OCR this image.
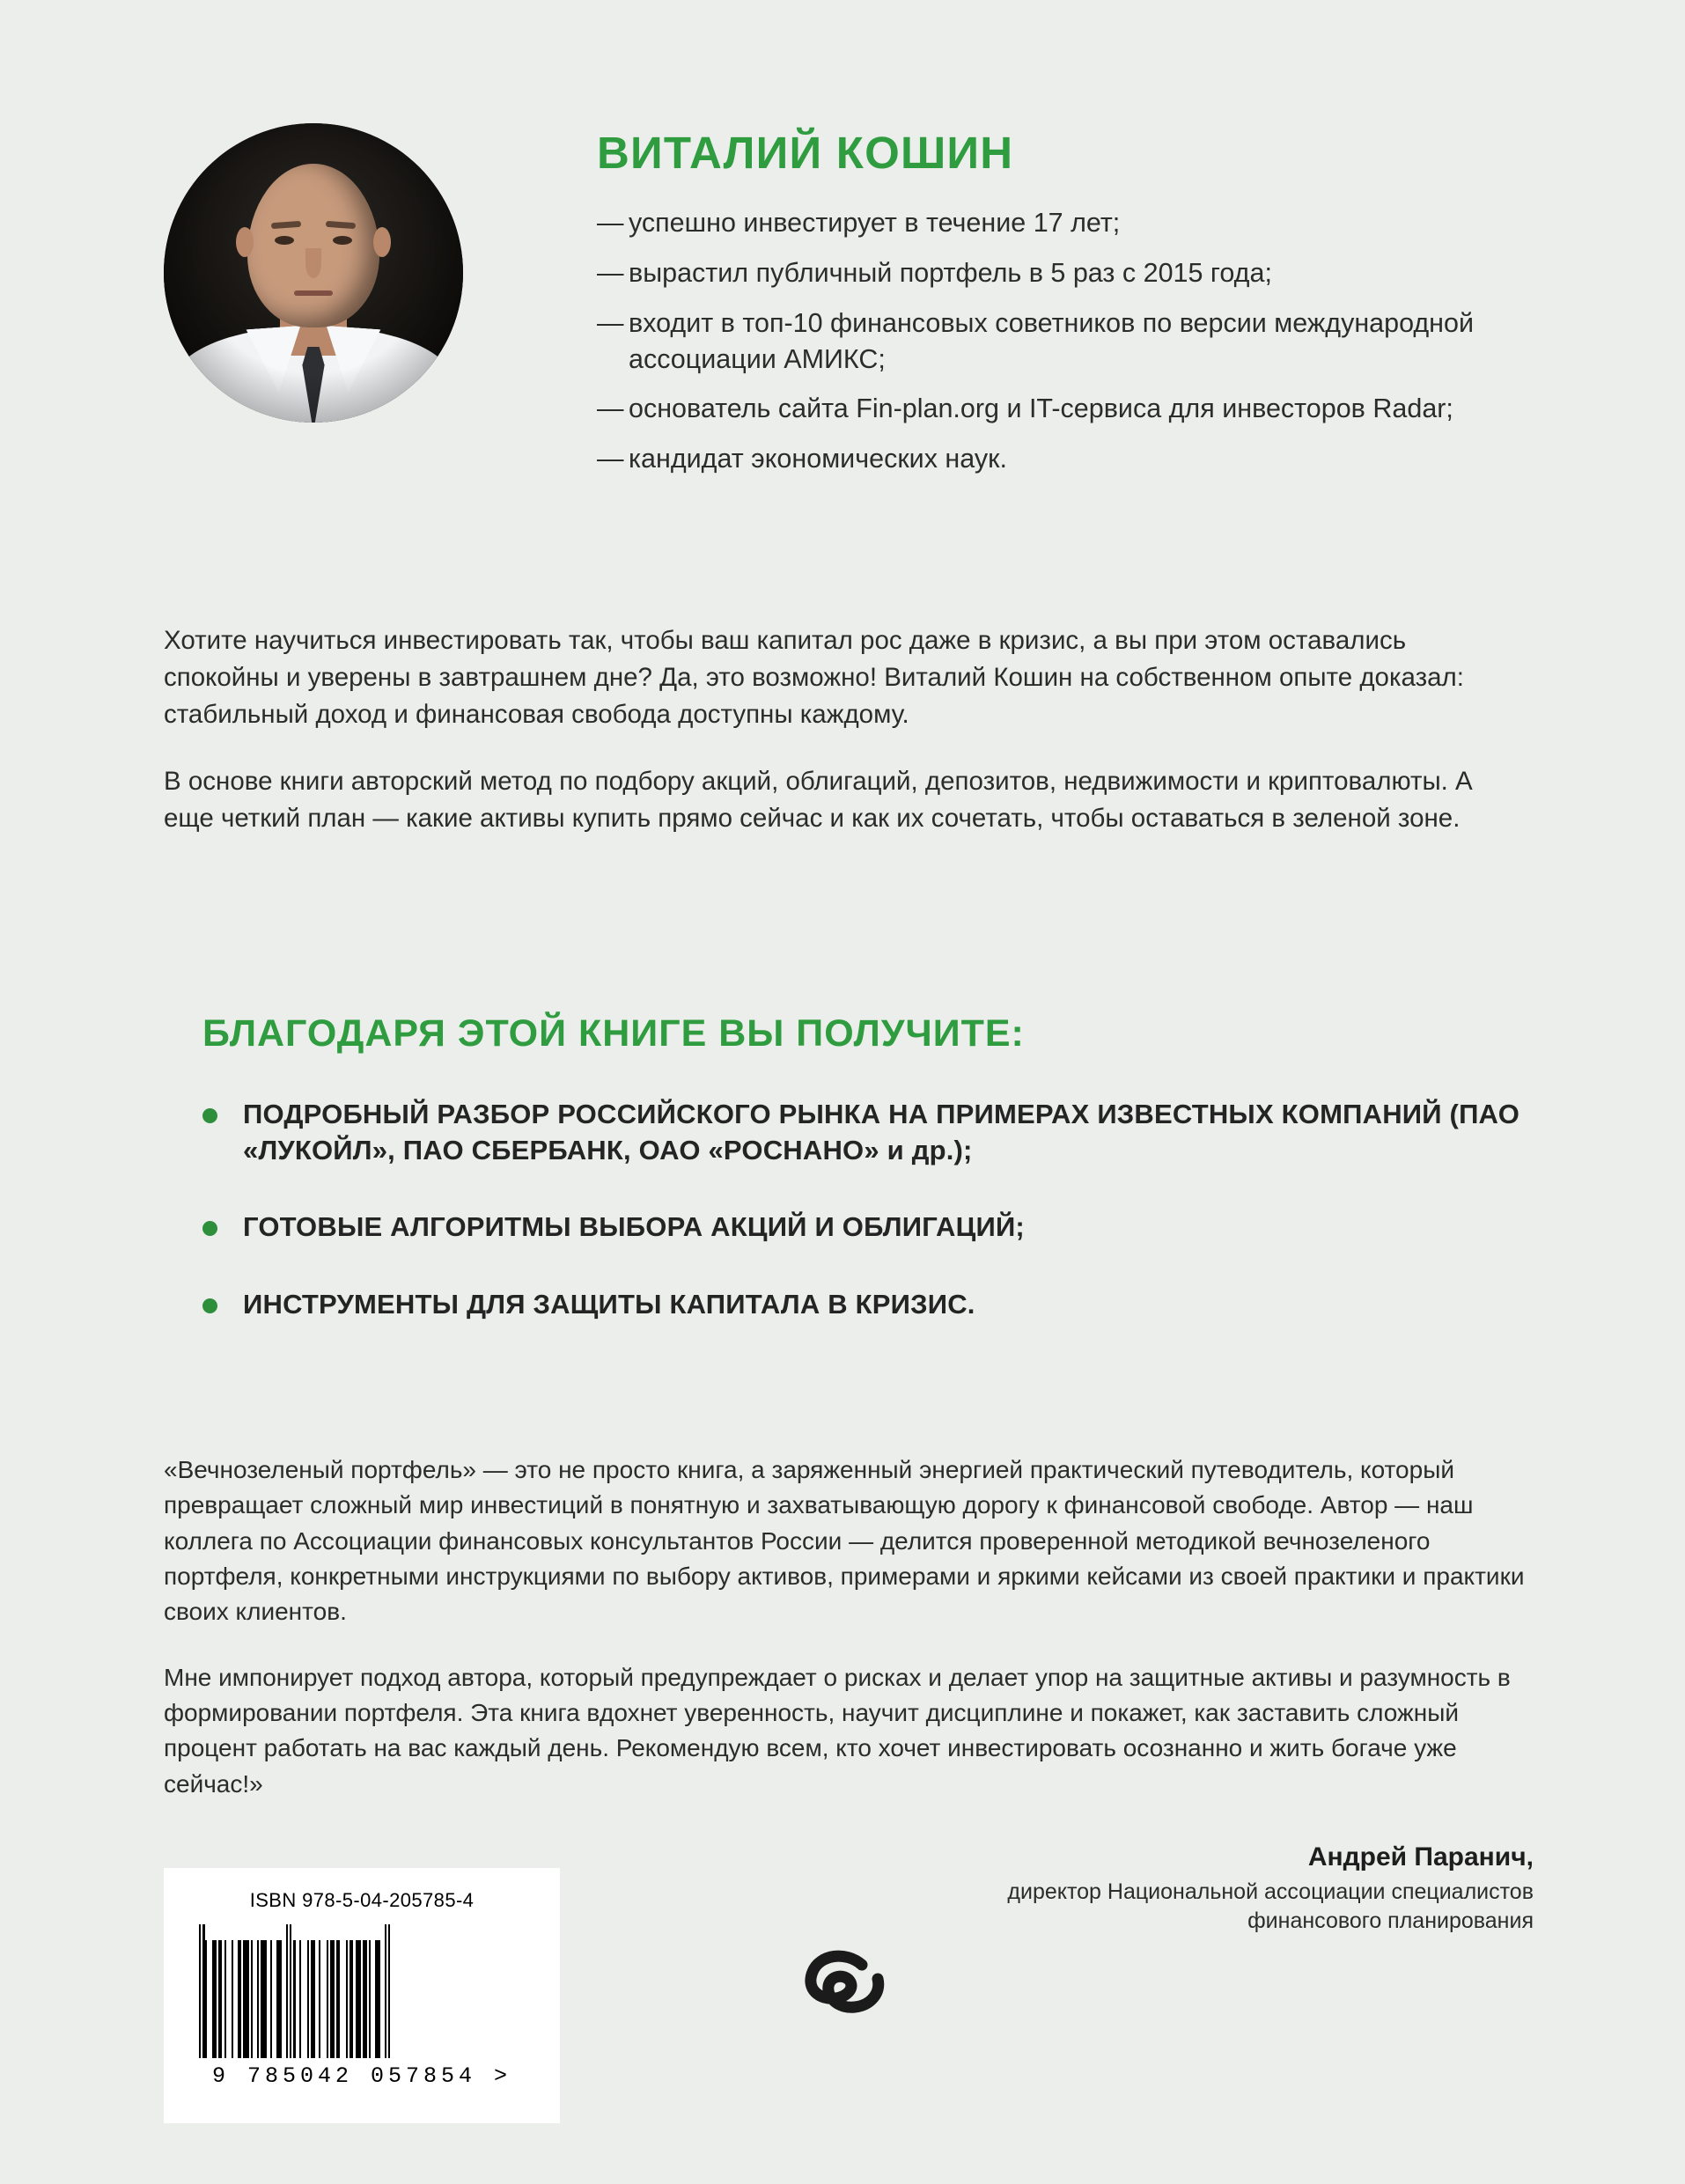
ВИТАЛИЙ КОШИН
— успешно инвестирует в течение 17 лет;
— вырастил публичный портфель в 5 раз с 2015 года;
— входит в топ-10 финансовых советников по версии международной ассоциации АМИКС;
— основатель сайта Fin-plan.org и IT-сервиса для инвесторов Radar;
— кандидат экономических наук.

Хотите научиться инвестировать так, чтобы ваш капитал рос даже в кризис, а вы при этом оставались спокойны и уверены в завтрашнем дне? Да, это возможно! Виталий Кошин на собственном опыте доказал: стабильный доход и финансовая свобода доступны каждому.

В основе книги авторский метод по подбору акций, облигаций, депозитов, недвижимости и криптовалюты. А еще четкий план — какие активы купить прямо сейчас и как их сочетать, чтобы оставаться в зеленой зоне.

БЛАГОДАРЯ ЭТОЙ КНИГЕ ВЫ ПОЛУЧИТЕ:
ПОДРОБНЫЙ РАЗБОР РОССИЙСКОГО РЫНКА НА ПРИМЕРАХ ИЗВЕСТНЫХ КОМПАНИЙ (ПАО «ЛУКОЙЛ», ПАО СБЕРБАНК, ОАО «РОСНАНО» и др.);
ГОТОВЫЕ АЛГОРИТМЫ ВЫБОРА АКЦИЙ И ОБЛИГАЦИЙ;
ИНСТРУМЕНТЫ ДЛЯ ЗАЩИТЫ КАПИТАЛА В КРИЗИС.

«Вечнозеленый портфель» — это не просто книга, а заряженный энергией практический путеводитель, который превращает сложный мир инвестиций в понятную и захватывающую дорогу к финансовой свободе. Автор — наш коллега по Ассоциации финансовых консультантов России — делится проверенной методикой вечнозеленого портфеля, конкретными инструкциями по выбору активов, примерами и яркими кейсами из своей практики и практики своих клиентов.

Мне импонирует подход автора, который предупреждает о рисках и делает упор на защитные активы и разумность в формировании портфеля. Эта книга вдохнет уверенность, научит дисциплине и покажет, как заставить сложный процент работать на вас каждый день. Рекомендую всем, кто хочет инвестировать осознанно и жить богаче уже сейчас!»

Андрей Паранич,
директор Национальной ассоциации специалистов финансового планирования
ISBN 978-5-04-205785-4
9 785042 057854 >
